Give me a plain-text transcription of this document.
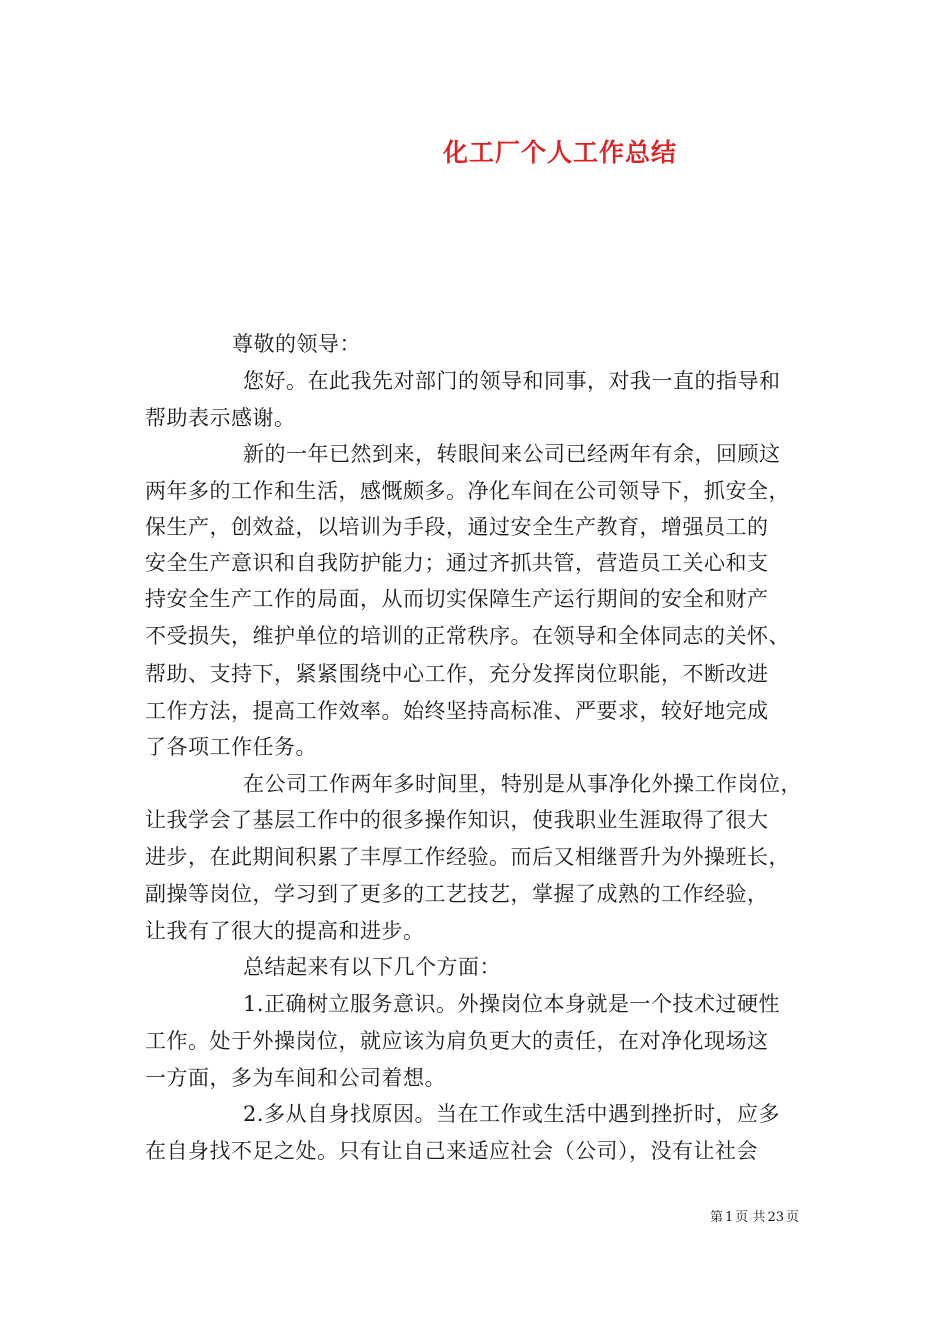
化工厂个人工作总结
尊敬的领导：
您好。在此我先对部门的领导和同事，对我一直的指导和
帮助表示感谢。
新的一年已然到来，转眼间来公司已经两年有余，回顾这
两年多的工作和生活，感慨颇多。净化车间在公司领导下，抓安全，
保生产，创效益，以培训为手段，通过安全生产教育，增强员工的
安全生产意识和自我防护能力；通过齐抓共管，营造员工关心和支
持安全生产工作的局面，从而切实保障生产运行期间的安全和财产
不受损失，维护单位的培训的正常秩序。在领导和全体同志的关怀、
帮助、支持下，紧紧围绕中心工作，充分发挥岗位职能，不断改进
工作方法，提高工作效率。始终坚持高标准、严要求，较好地完成
了各项工作任务。
在公司工作两年多时间里，特别是从事净化外操工作岗位，
让我学会了基层工作中的很多操作知识，使我职业生涯取得了很大
进步，在此期间积累了丰厚工作经验。而后又相继晋升为外操班长，
副操等岗位，学习到了更多的工艺技艺，掌握了成熟的工作经验，
让我有了很大的提高和进步。
总结起来有以下几个方面：
1.正确树立服务意识。外操岗位本身就是一个技术过硬性
工作。处于外操岗位，就应该为肩负更大的责任，在对净化现场这
一方面，多为车间和公司着想。
2.多从自身找原因。当在工作或生活中遇到挫折时，应多
在自身找不足之处。只有让自己来适应社会（公司），没有让社会
第 1 页 共 23 页
